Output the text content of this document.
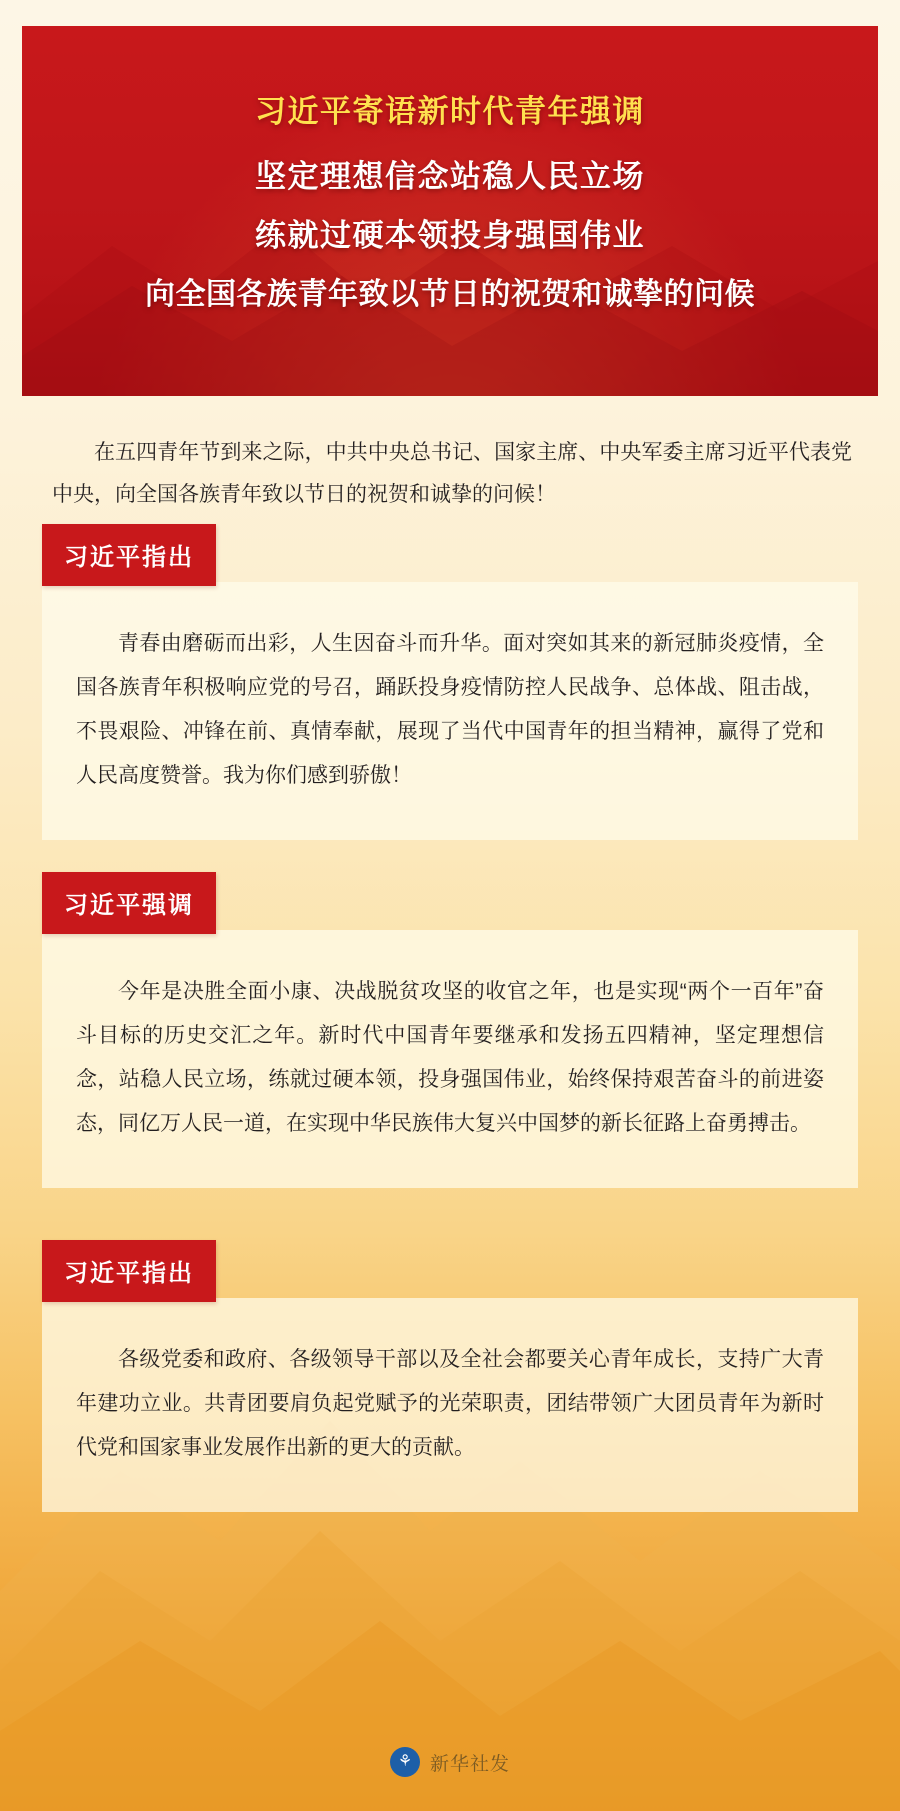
习近平寄语新时代青年强调
坚定理想信念站稳人民立场
练就过硬本领投身强国伟业
向全国各族青年致以节日的祝贺和诚挚的问候
在五四青年节到来之际，中共中央总书记、国家主席、中央军委主席习近平代表党中央，向全国各族青年致以节日的祝贺和诚挚的问候！
习近平指出

青春由磨砺而出彩，人生因奋斗而升华。面对突如其来的新冠肺炎疫情，全国各族青年积极响应党的号召，踊跃投身疫情防控人民战争、总体战、阻击战，不畏艰险、冲锋在前、真情奉献，展现了当代中国青年的担当精神，赢得了党和人民高度赞誉。我为你们感到骄傲！

习近平强调

今年是决胜全面小康、决战脱贫攻坚的收官之年，也是实现“两个一百年”奋斗目标的历史交汇之年。新时代中国青年要继承和发扬五四精神，坚定理想信念，站稳人民立场，练就过硬本领，投身强国伟业，始终保持艰苦奋斗的前进姿态，同亿万人民一道，在实现中华民族伟大复兴中国梦的新长征路上奋勇搏击。

习近平指出

各级党委和政府、各级领导干部以及全社会都要关心青年成长，支持广大青年建功立业。共青团要肩负起党赋予的光荣职责，团结带领广大团员青年为新时代党和国家事业发展作出新的更大的贡献。

⚘ 新华社发
